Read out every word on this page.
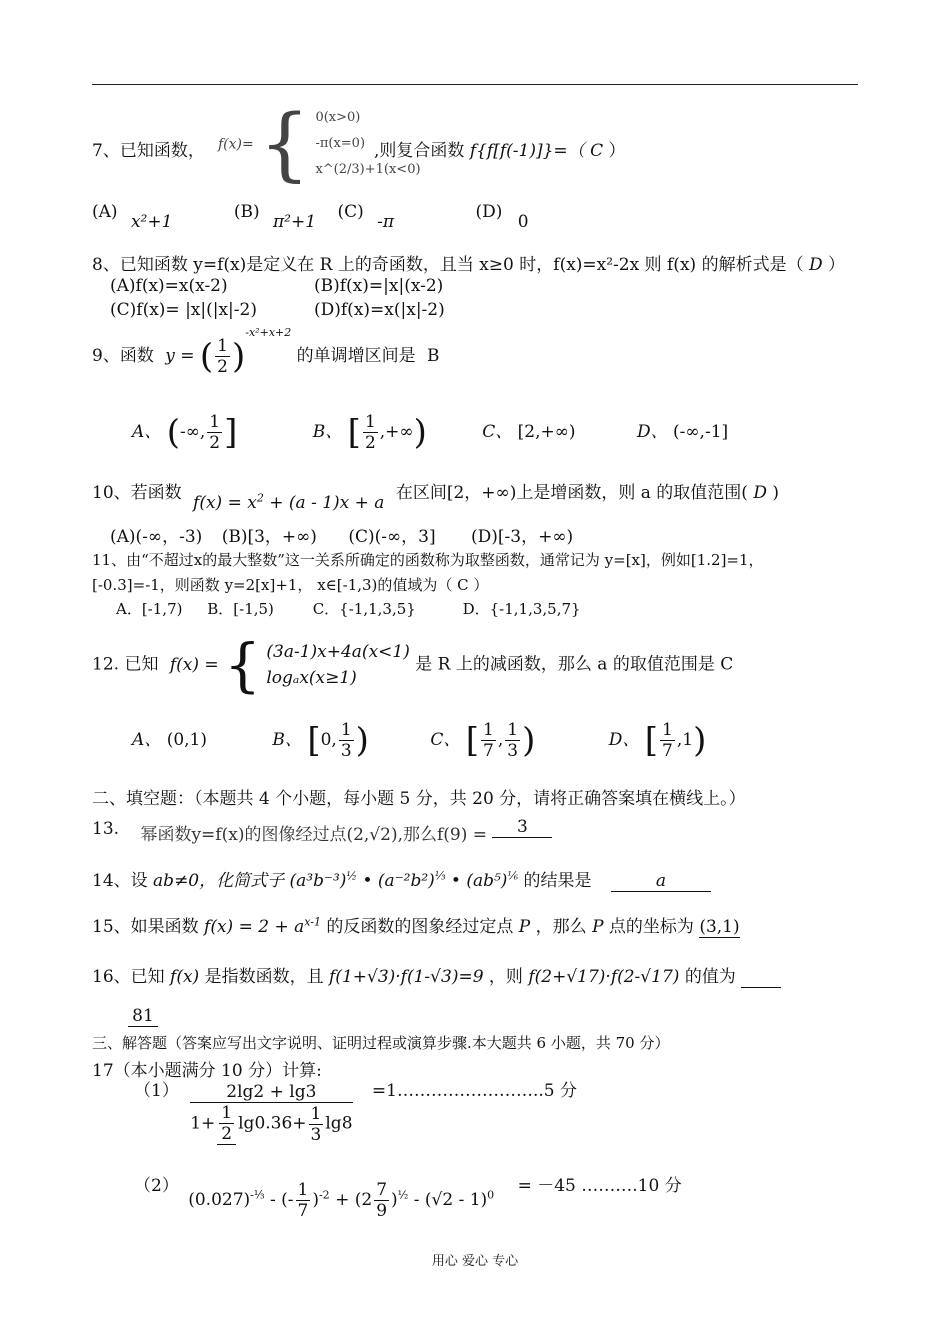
7、已知函数， f(x)= { 0(x>0)
-π(x=0)
x^(2/3)+1(x<0)
,则复合函数 f{f[f(-1)]}=（ C ）
(A) x²+1	(B) π²+1 (C) -π	(D) 0
8、已知函数 y=f(x)是定义在 R 上的奇函数，且当 x≥0 时，f(x)=x²-2x 则 f(x) 的解析式是（ D ）
(A)f(x)=x(x-2)	(B)f(x)=|x|(x-2)
(C)f(x)= |x|(|x|-2)	(D)f(x)=x(|x|-2)
9、函数 y = ( $\frac{1}{2} )^{-x^2+x+2}$ 的单调增区间是 B
A、 (-∞, $\frac{1}{2}$ ]	B、 [ $\frac{1}{2}$ ,+∞)	C、 [2,+∞)	D、 (-∞,-1]
10、若函数 $f(x) = x^2 + (a - 1)x + a$ 在区间[2，+∞)上是增函数，则 a 的取值范围( D )
(A)(-∞，-3) (B)[3，+∞) (C)(-∞，3] (D)[-3，+∞)
11、由“不超过x的最大整数”这一关系所确定的函数称为取整函数，通常记为 y=[x]，例如[1.2]=1，
[-0.3]=-1，则函数 y=2[x]+1， x∈[-1,3)的值域为（ C ）
A．[-1,7) B．[-1,5)	C．{-1,1,3,5}	D．{-1,1,3,5,7}
12. 已知 f(x) = { (3a-1)x+4a(x<1)
logₐx(x≥1)
是 R 上的减函数，那么 a 的取值范围是 C
A、 (0,1)	B、 [0, $\frac{1}{3}$ )	C、 [ $\frac{1}{7}$ , $\frac{1}{3}$ )	D、 [ $\frac{1}{7} ,1$)
二、填空题：（本题共 4 个小题，每小题 5 分，共 20 分，请将正确答案填在横线上。）
13. 幂函数y=f(x)的图像经过点(2,√2),那么f(9) = 3
14、设 ab≠0，化简式子 $(a^3b^{-3})^{\frac{1}{2}}$ • $(a^{-2}b^2)^{\frac{1}{3}}$ • $(ab^5)^{\frac{1}{6}}$ 的结果是	a
15、如果函数 $f(x) = 2 + a^{x-1}$ 的反函数的图象经过定点 P ，那么 P 点的坐标为 (3,1)
16、已知 f(x) 是指数函数，且 f(1+√3)·f(1-√3)=9 ，则 f(2+√17)·f(2-√17) 的值为
81
三、解答题（答案应写出文字说明、证明过程或演算步骤.本大题共 6 小题，共 70 分）
17（本小题满分 10 分）计算:
$(1) \frac{2\lg 2 + \lg 3}{1+ \frac{1}{2} \lg 0.36+ \frac{1}{3} \lg 8}$ =1……………………..5 分
（2） $(0.027)^{-\frac{1}{3}}$ - (- $\frac{1}{7} )^{-2} + (2 \frac{7}{9} )^{\frac{1}{2}} - (√2 - 1)^0 = -45$ ……….10 分
用心 爱心 专心
